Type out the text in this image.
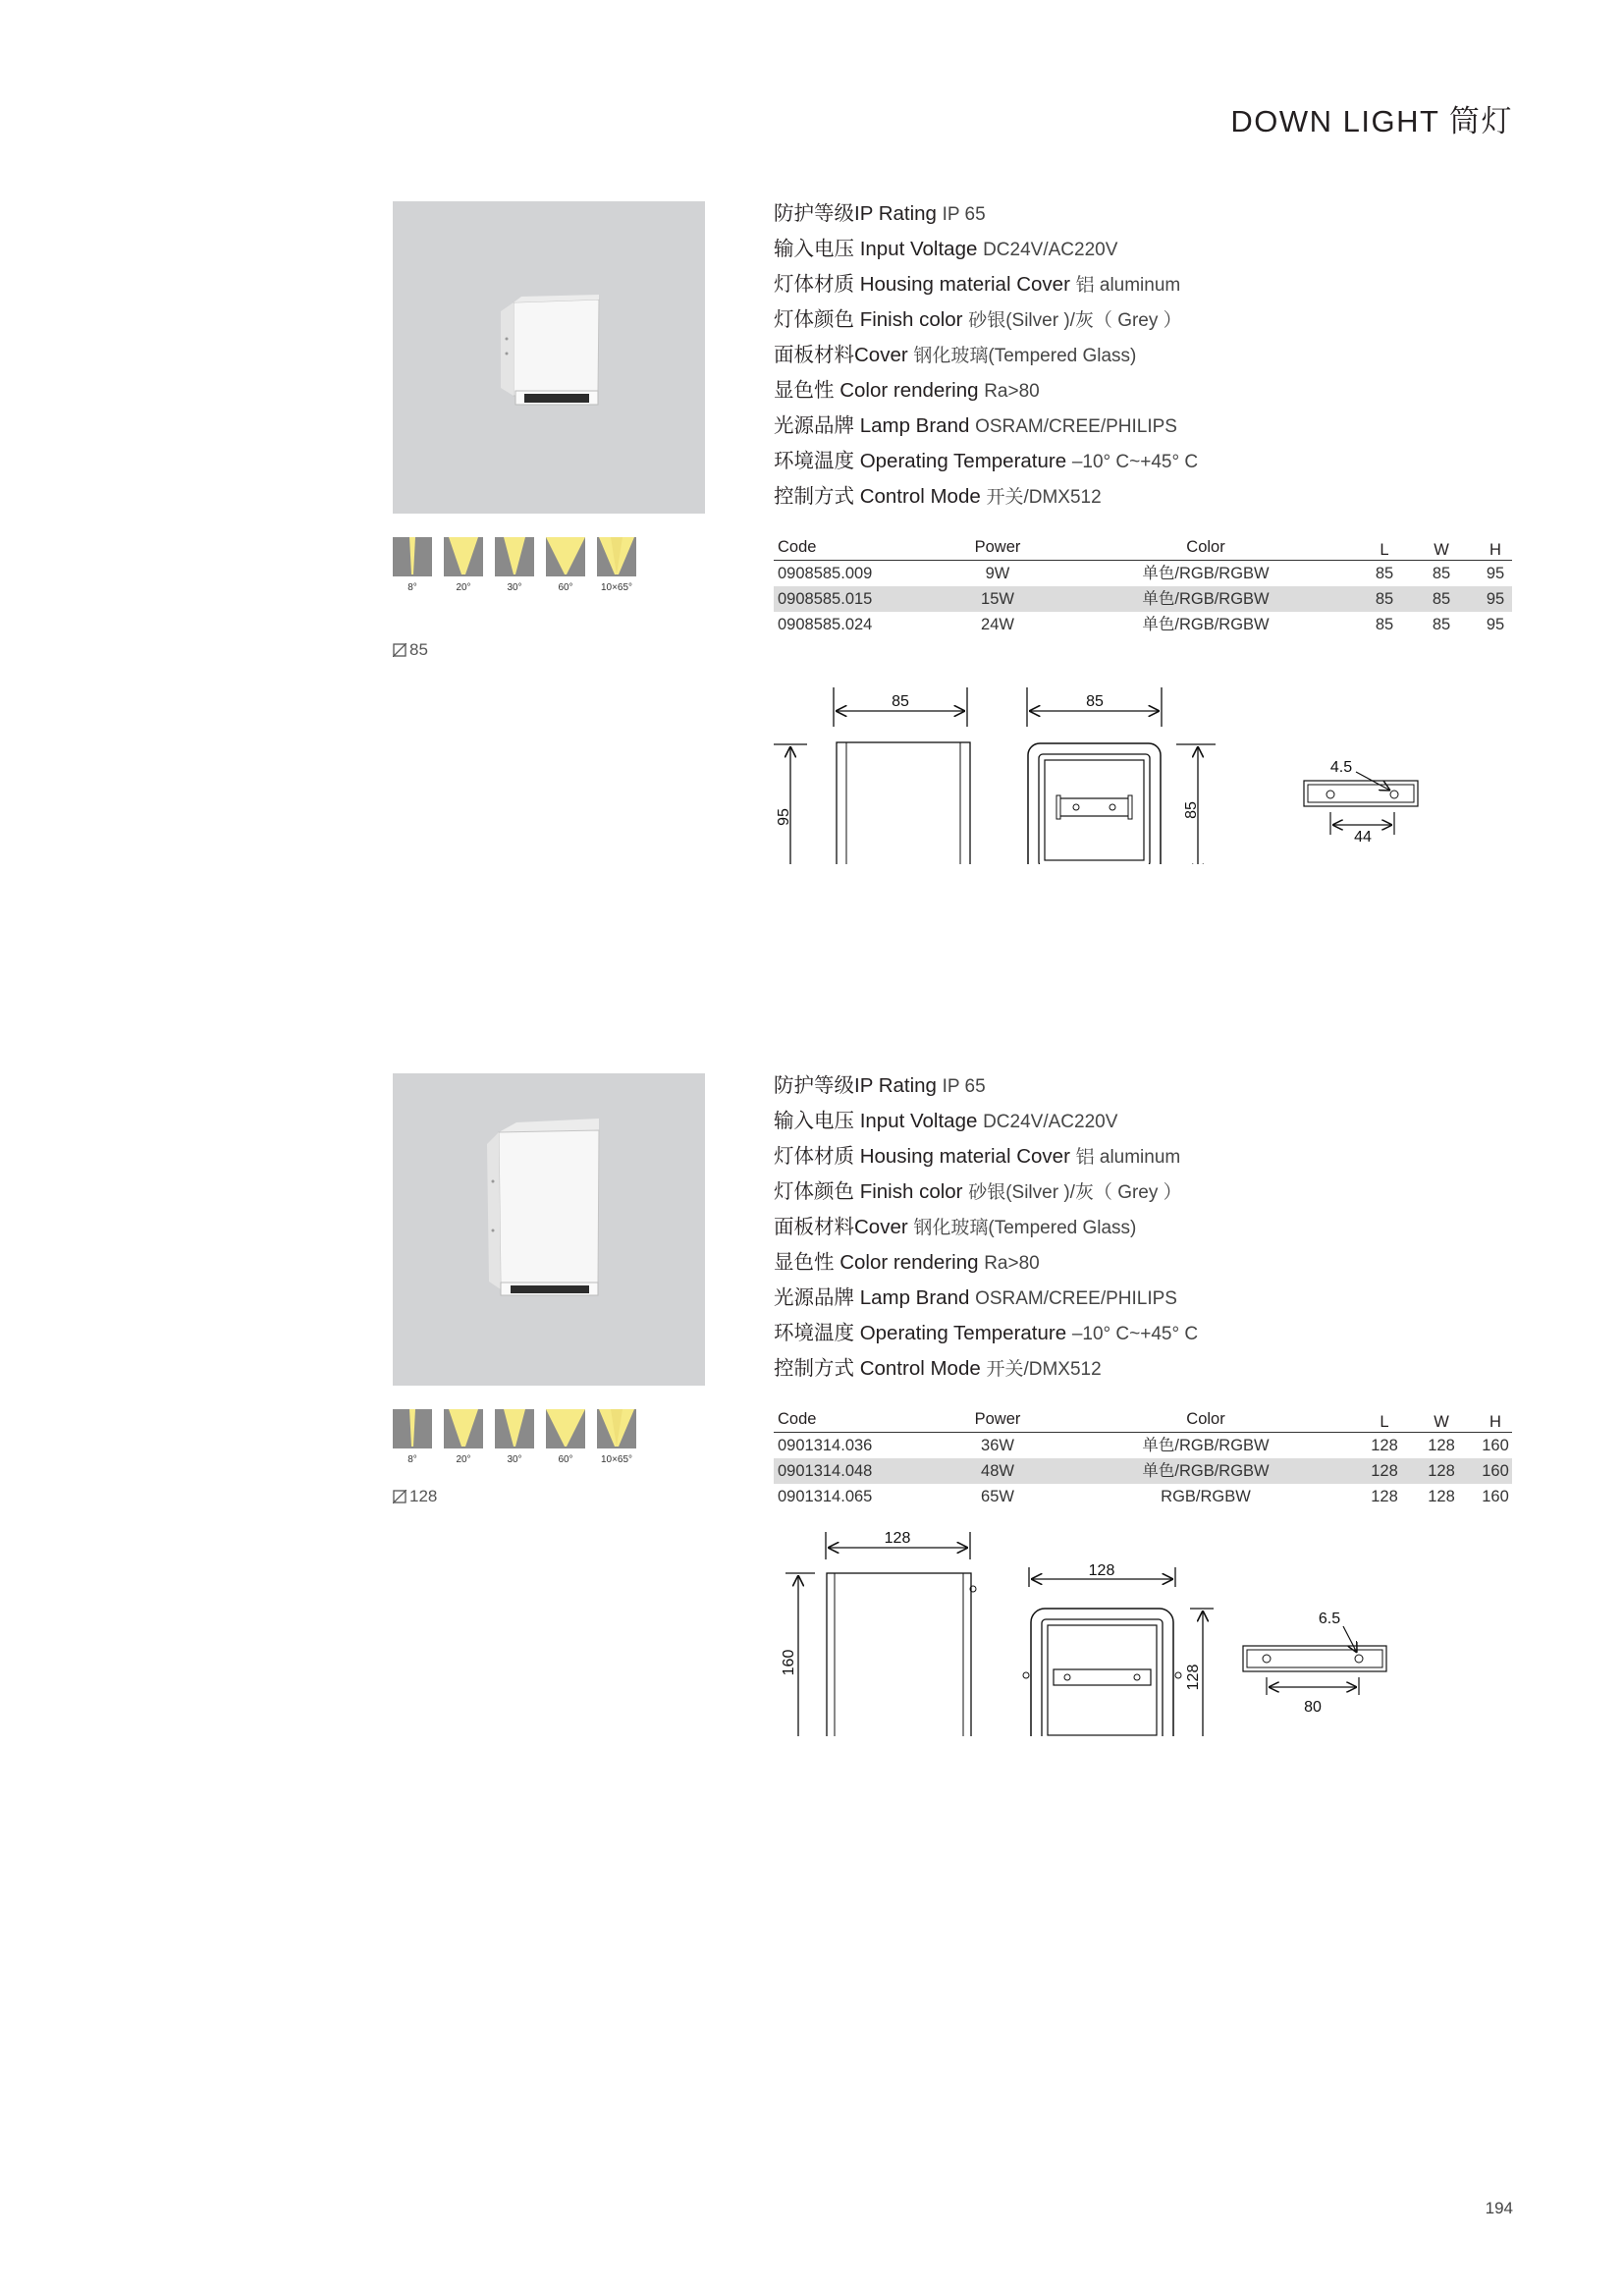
DOWN LIGHT 筒灯
8°	20°	30°	60°	10×65°
85
防护等级IP Rating IP 65
输入电压 Input Voltage DC24V/AC220V
灯体材质 Housing material Cover 铝 aluminum
灯体颜色 Finish color 砂银(Silver )/灰（ Grey ）
面板材料Cover 钢化玻璃(Tempered Glass)
显色性 Color rendering Ra>80
光源品牌 Lamp Brand OSRAM/CREE/PHILIPS
环境温度 Operating Temperature –10° C~+45° C
控制方式 Control Mode 开关/DMX512
Code	Power	Color	L	W	H
0908585.009	9W	单色/RGB/RGBW	85	85	95
0908585.015	15W	单色/RGB/RGBW	85	85	95
0908585.024	24W	单色/RGB/RGBW	85	85	95
85
95
85
85
4.5
44
8°	20°	30°	60°	10×65°
128
防护等级IP Rating IP 65
输入电压 Input Voltage DC24V/AC220V
灯体材质 Housing material Cover 铝 aluminum
灯体颜色 Finish color 砂银(Silver )/灰（ Grey ）
面板材料Cover 钢化玻璃(Tempered Glass)
显色性 Color rendering Ra>80
光源品牌 Lamp Brand OSRAM/CREE/PHILIPS
环境温度 Operating Temperature –10° C~+45° C
控制方式 Control Mode 开关/DMX512
Code	Power	Color	L	W	H
0901314.036	36W	单色/RGB/RGBW	128	128	160
0901314.048	48W	单色/RGB/RGBW	128	128	160
0901314.065	65W	RGB/RGBW	128	128	160
128
160
128
128
6.5
80
194
